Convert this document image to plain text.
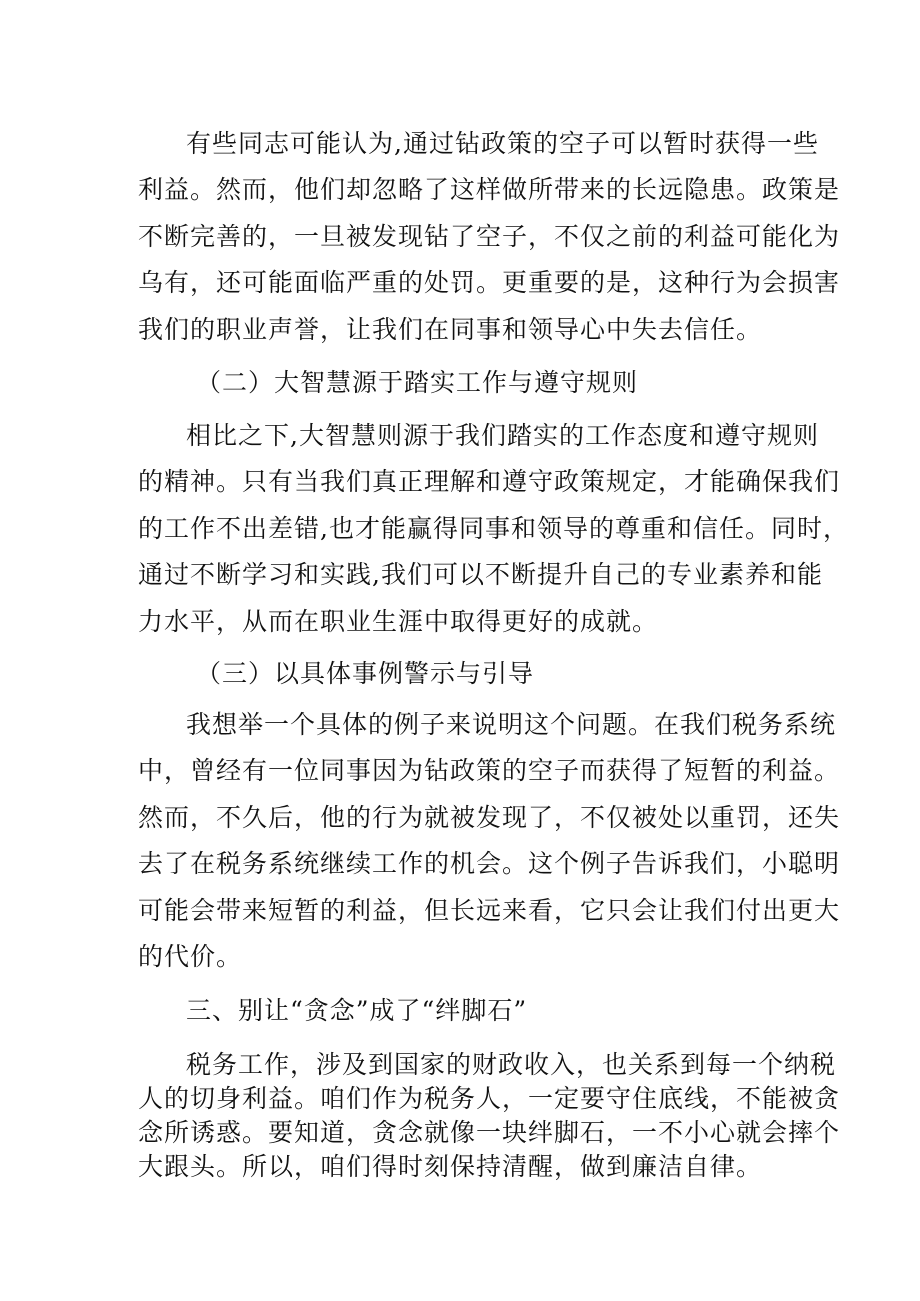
有些同志可能认为,通过钻政策的空子可以暂时获得一些
利益。然而，他们却忽略了这样做所带来的长远隐患。政策是
不断完善的，一旦被发现钻了空子，不仅之前的利益可能化为
乌有，还可能面临严重的处罚。更重要的是，这种行为会损害
我们的职业声誉，让我们在同事和领导心中失去信任。
（二）大智慧源于踏实工作与遵守规则
相比之下,大智慧则源于我们踏实的工作态度和遵守规则
的精神。只有当我们真正理解和遵守政策规定，才能确保我们
的工作不出差错,也才能赢得同事和领导的尊重和信任。同时，
通过不断学习和实践,我们可以不断提升自己的专业素养和能
力水平，从而在职业生涯中取得更好的成就。
（三）以具体事例警示与引导
我想举一个具体的例子来说明这个问题。在我们税务系统
中，曾经有一位同事因为钻政策的空子而获得了短暂的利益。
然而，不久后，他的行为就被发现了，不仅被处以重罚，还失
去了在税务系统继续工作的机会。这个例子告诉我们，小聪明
可能会带来短暂的利益，但长远来看，它只会让我们付出更大
的代价。
三、别让“贪念”成了“绊脚石”
税务工作，涉及到国家的财政收入，也关系到每一个纳税
人的切身利益。咱们作为税务人，一定要守住底线，不能被贪
念所诱惑。要知道，贪念就像一块绊脚石，一不小心就会摔个
大跟头。所以，咱们得时刻保持清醒，做到廉洁自律。
